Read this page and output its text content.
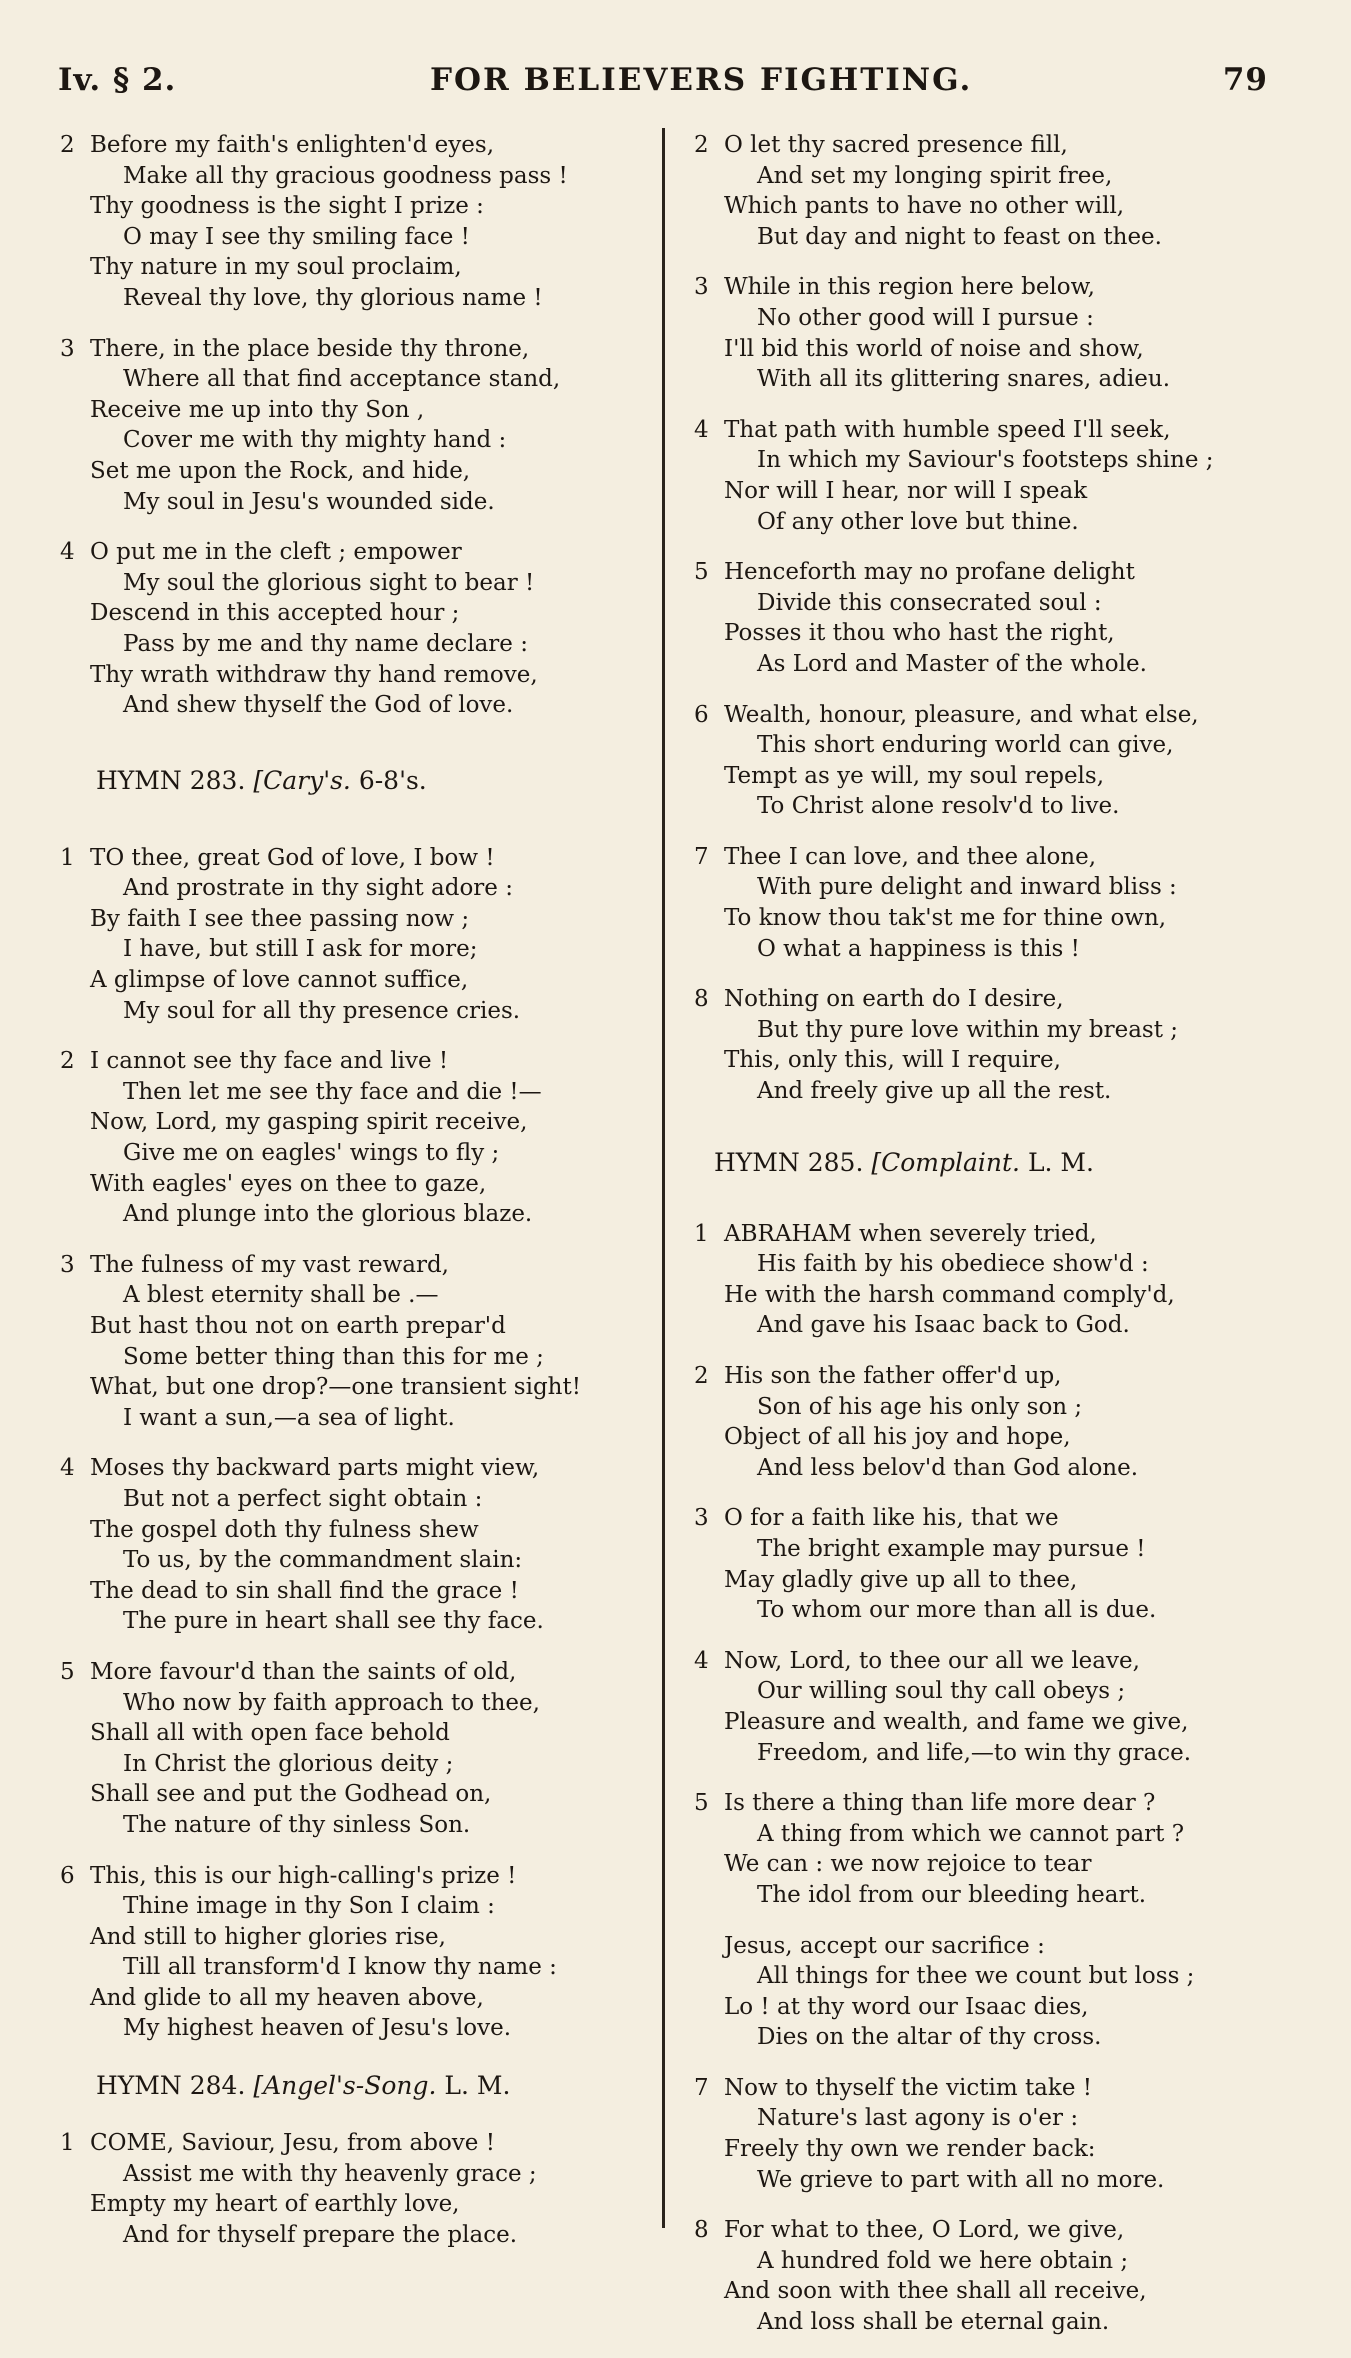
Iv. § 2.	FOR BELIEVERS FIGHTING.	79
2 Before my faith's enlighten'd eyes,
Make all thy gracious goodness pass !
Thy goodness is the sight I prize :
O may I see thy smiling face !
Thy nature in my soul proclaim,
Reveal thy love, thy glorious name !
3 There, in the place beside thy throne,
Where all that find acceptance stand,
Receive me up into thy Son ,
Cover me with thy mighty hand :
Set me upon the Rock, and hide,
My soul in Jesu's wounded side.
4 O put me in the cleft ; empower
My soul the glorious sight to bear !
Descend in this accepted hour ;
Pass by me and thy name declare :
Thy wrath withdraw thy hand remove,
And shew thyself the God of love.
HYMN 283. [Cary's. 6-8's.
1 TO thee, great God of love, I bow !
And prostrate in thy sight adore :
By faith I see thee passing now ;
I have, but still I ask for more;
A glimpse of love cannot suffice,
My soul for all thy presence cries.
2 I cannot see thy face and live !
Then let me see thy face and die !—
Now, Lord, my gasping spirit receive,
Give me on eagles' wings to fly ;
With eagles' eyes on thee to gaze,
And plunge into the glorious blaze.
3 The fulness of my vast reward,
A blest eternity shall be .—
But hast thou not on earth prepar'd
Some better thing than this for me ;
What, but one drop?—one transient sight!
I want a sun,—a sea of light.
4 Moses thy backward parts might view,
But not a perfect sight obtain :
The gospel doth thy fulness shew
To us, by the commandment slain:
The dead to sin shall find the grace !
The pure in heart shall see thy face.
5 More favour'd than the saints of old,
Who now by faith approach to thee,
Shall all with open face behold
In Christ the glorious deity ;
Shall see and put the Godhead on,
The nature of thy sinless Son.
6 This, this is our high-calling's prize !
Thine image in thy Son I claim :
And still to higher glories rise,
Till all transform'd I know thy name :
And glide to all my heaven above,
My highest heaven of Jesu's love.
HYMN 284. [Angel's-Song. L. M.
1 COME, Saviour, Jesu, from above !
Assist me with thy heavenly grace ;
Empty my heart of earthly love,
And for thyself prepare the place.
2 O let thy sacred presence fill,
And set my longing spirit free,
Which pants to have no other will,
But day and night to feast on thee.
3 While in this region here below,
No other good will I pursue :
I'll bid this world of noise and show,
With all its glittering snares, adieu.
4 That path with humble speed I'll seek,
In which my Saviour's footsteps shine ;
Nor will I hear, nor will I speak
Of any other love but thine.
5 Henceforth may no profane delight
Divide this consecrated soul :
Posses it thou who hast the right,
As Lord and Master of the whole.
6 Wealth, honour, pleasure, and what else,
This short enduring world can give,
Tempt as ye will, my soul repels,
To Christ alone resolv'd to live.
7 Thee I can love, and thee alone,
With pure delight and inward bliss :
To know thou tak'st me for thine own,
O what a happiness is this !
8 Nothing on earth do I desire,
But thy pure love within my breast ;
This, only this, will I require,
And freely give up all the rest.
HYMN 285. [Complaint. L. M.
1 ABRAHAM when severely tried,
His faith by his obediece show'd :
He with the harsh command comply'd,
And gave his Isaac back to God.
2 His son the father offer'd up,
Son of his age his only son ;
Object of all his joy and hope,
And less belov'd than God alone.
3 O for a faith like his, that we
The bright example may pursue !
May gladly give up all to thee,
To whom our more than all is due.
4 Now, Lord, to thee our all we leave,
Our willing soul thy call obeys ;
Pleasure and wealth, and fame we give,
Freedom, and life,—to win thy grace.
5 Is there a thing than life more dear ?
A thing from which we cannot part ?
We can : we now rejoice to tear
The idol from our bleeding heart.
Jesus, accept our sacrifice :
All things for thee we count but loss ;
Lo ! at thy word our Isaac dies,
Dies on the altar of thy cross.
7 Now to thyself the victim take !
Nature's last agony is o'er :
Freely thy own we render back:
We grieve to part with all no more.
8 For what to thee, O Lord, we give,
A hundred fold we here obtain ;
And soon with thee shall all receive,
And loss shall be eternal gain.
